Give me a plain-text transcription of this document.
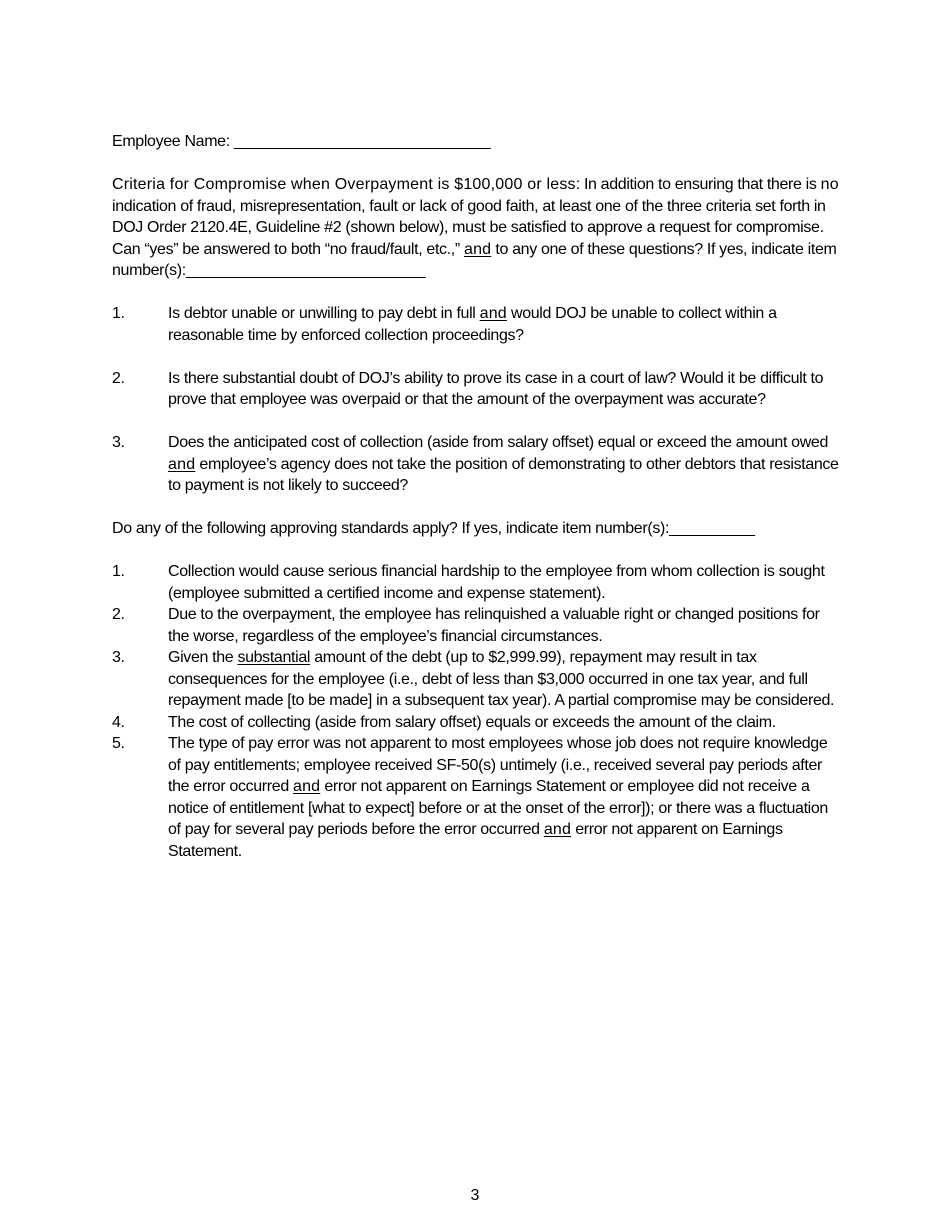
Employee Name: ______________________________

Criteria for Compromise when Overpayment is $100,000 or less: In addition to ensuring that there is no indication of fraud, misrepresentation, fault or lack of good faith, at least one of the three criteria set forth in DOJ Order 2120.4E, Guideline #2 (shown below), must be satisfied to approve a request for compromise. Can “yes” be answered to both “no fraud/fault, etc.,” and to any one of these questions? If yes, indicate item number(s):____________________________

1.	Is debtor unable or unwilling to pay debt in full and would DOJ be unable to collect within a reasonable time by enforced collection proceedings?
2.	Is there substantial doubt of DOJ’s ability to prove its case in a court of law? Would it be difficult to prove that employee was overpaid or that the amount of the overpayment was accurate?
3.	Does the anticipated cost of collection (aside from salary offset) equal or exceed the amount owed and employee’s agency does not take the position of demonstrating to other debtors that resistance to payment is not likely to succeed?

Do any of the following approving standards apply? If yes, indicate item number(s):__________

1.	Collection would cause serious financial hardship to the employee from whom collection is sought (employee submitted a certified income and expense statement).
2.	Due to the overpayment, the employee has relinquished a valuable right or changed positions for the worse, regardless of the employee’s financial circumstances.
3.	Given the substantial amount of the debt (up to $2,999.99), repayment may result in tax consequences for the employee (i.e., debt of less than $3,000 occurred in one tax year, and full repayment made [to be made] in a subsequent tax year). A partial compromise may be considered.
4.	The cost of collecting (aside from salary offset) equals or exceeds the amount of the claim.
5.	The type of pay error was not apparent to most employees whose job does not require knowledge of pay entitlements; employee received SF-50(s) untimely (i.e., received several pay periods after the error occurred and error not apparent on Earnings Statement or employee did not receive a notice of entitlement [what to expect] before or at the onset of the error]); or there was a fluctuation of pay for several pay periods before the error occurred and error not apparent on Earnings Statement.
3
